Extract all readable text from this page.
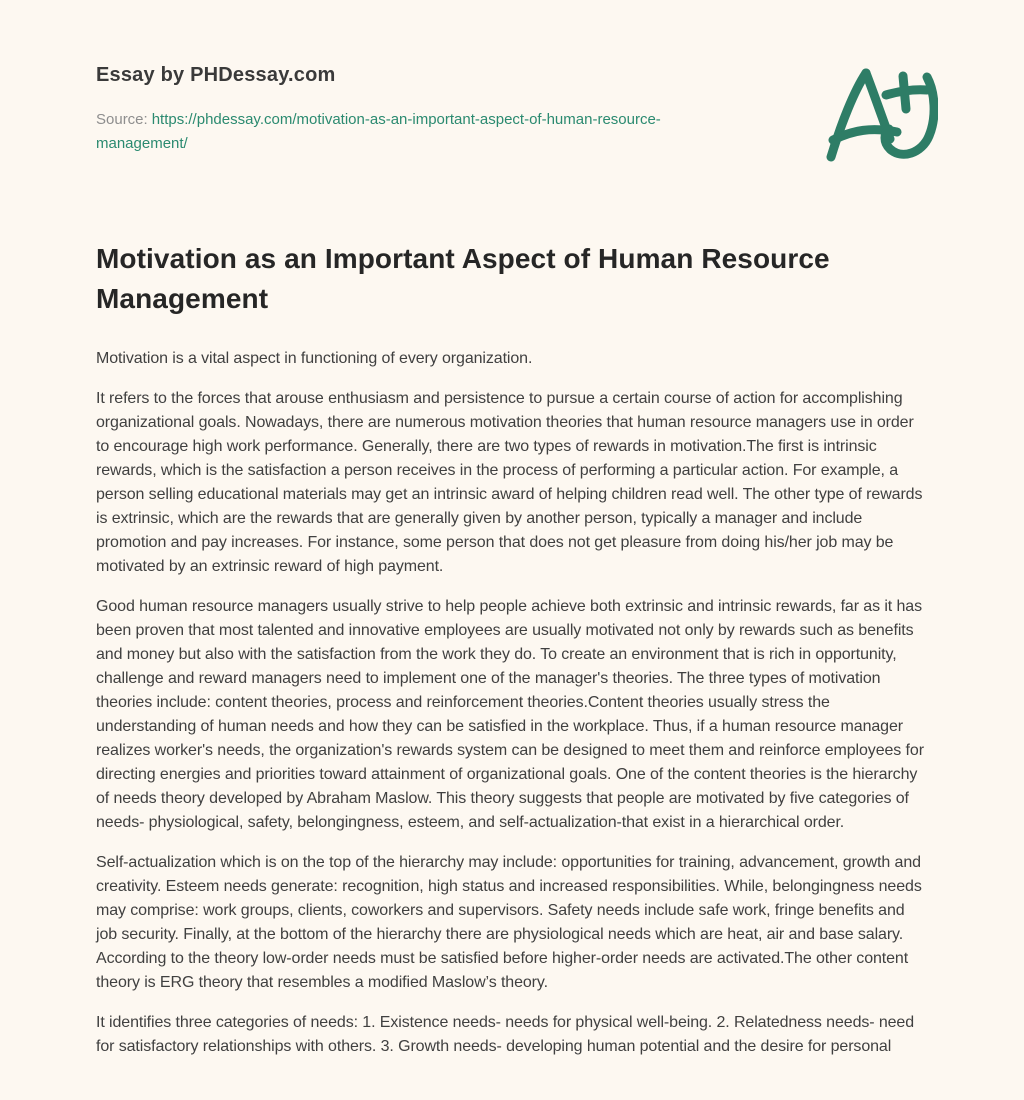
Essay by PHDessay.com

Source: https://phdessay.com/motivation-as-an-important-aspect-of-human-resource-management/

Motivation as an Important Aspect of Human Resource Management

Motivation is a vital aspect in functioning of every organization.

It refers to the forces that arouse enthusiasm and persistence to pursue a certain course of action for accomplishing organizational goals. Nowadays, there are numerous motivation theories that human resource managers use in order to encourage high work performance. Generally, there are two types of rewards in motivation.The first is intrinsic rewards, which is the satisfaction a person receives in the process of performing a particular action. For example, a person selling educational materials may get an intrinsic award of helping children read well. The other type of rewards is extrinsic, which are the rewards that are generally given by another person, typically a manager and include promotion and pay increases. For instance, some person that does not get pleasure from doing his/her job may be motivated by an extrinsic reward of high payment.

Good human resource managers usually strive to help people achieve both extrinsic and intrinsic rewards, far as it has been proven that most talented and innovative employees are usually motivated not only by rewards such as benefits and money but also with the satisfaction from the work they do. To create an environment that is rich in opportunity, challenge and reward managers need to implement one of the manager's theories. The three types of motivation theories include: content theories, process and reinforcement theories.Content theories usually stress the understanding of human needs and how they can be satisfied in the workplace. Thus, if a human resource manager realizes worker's needs, the organization's rewards system can be designed to meet them and reinforce employees for directing energies and priorities toward attainment of organizational goals. One of the content theories is the hierarchy of needs theory developed by Abraham Maslow. This theory suggests that people are motivated by five categories of needs- physiological, safety, belongingness, esteem, and self-actualization-that exist in a hierarchical order.

Self-actualization which is on the top of the hierarchy may include: opportunities for training, advancement, growth and creativity. Esteem needs generate: recognition, high status and increased responsibilities. While, belongingness needs may comprise: work groups, clients, coworkers and supervisors. Safety needs include safe work, fringe benefits and job security. Finally, at the bottom of the hierarchy there are physiological needs which are heat, air and base salary. According to the theory low-order needs must be satisfied before higher-order needs are activated.The other content theory is ERG theory that resembles a modified Maslow’s theory.

It identifies three categories of needs: 1. Existence needs- needs for physical well-being. 2. Relatedness needs- need for satisfactory relationships with others. 3. Growth needs- developing human potential and the desire for personal
